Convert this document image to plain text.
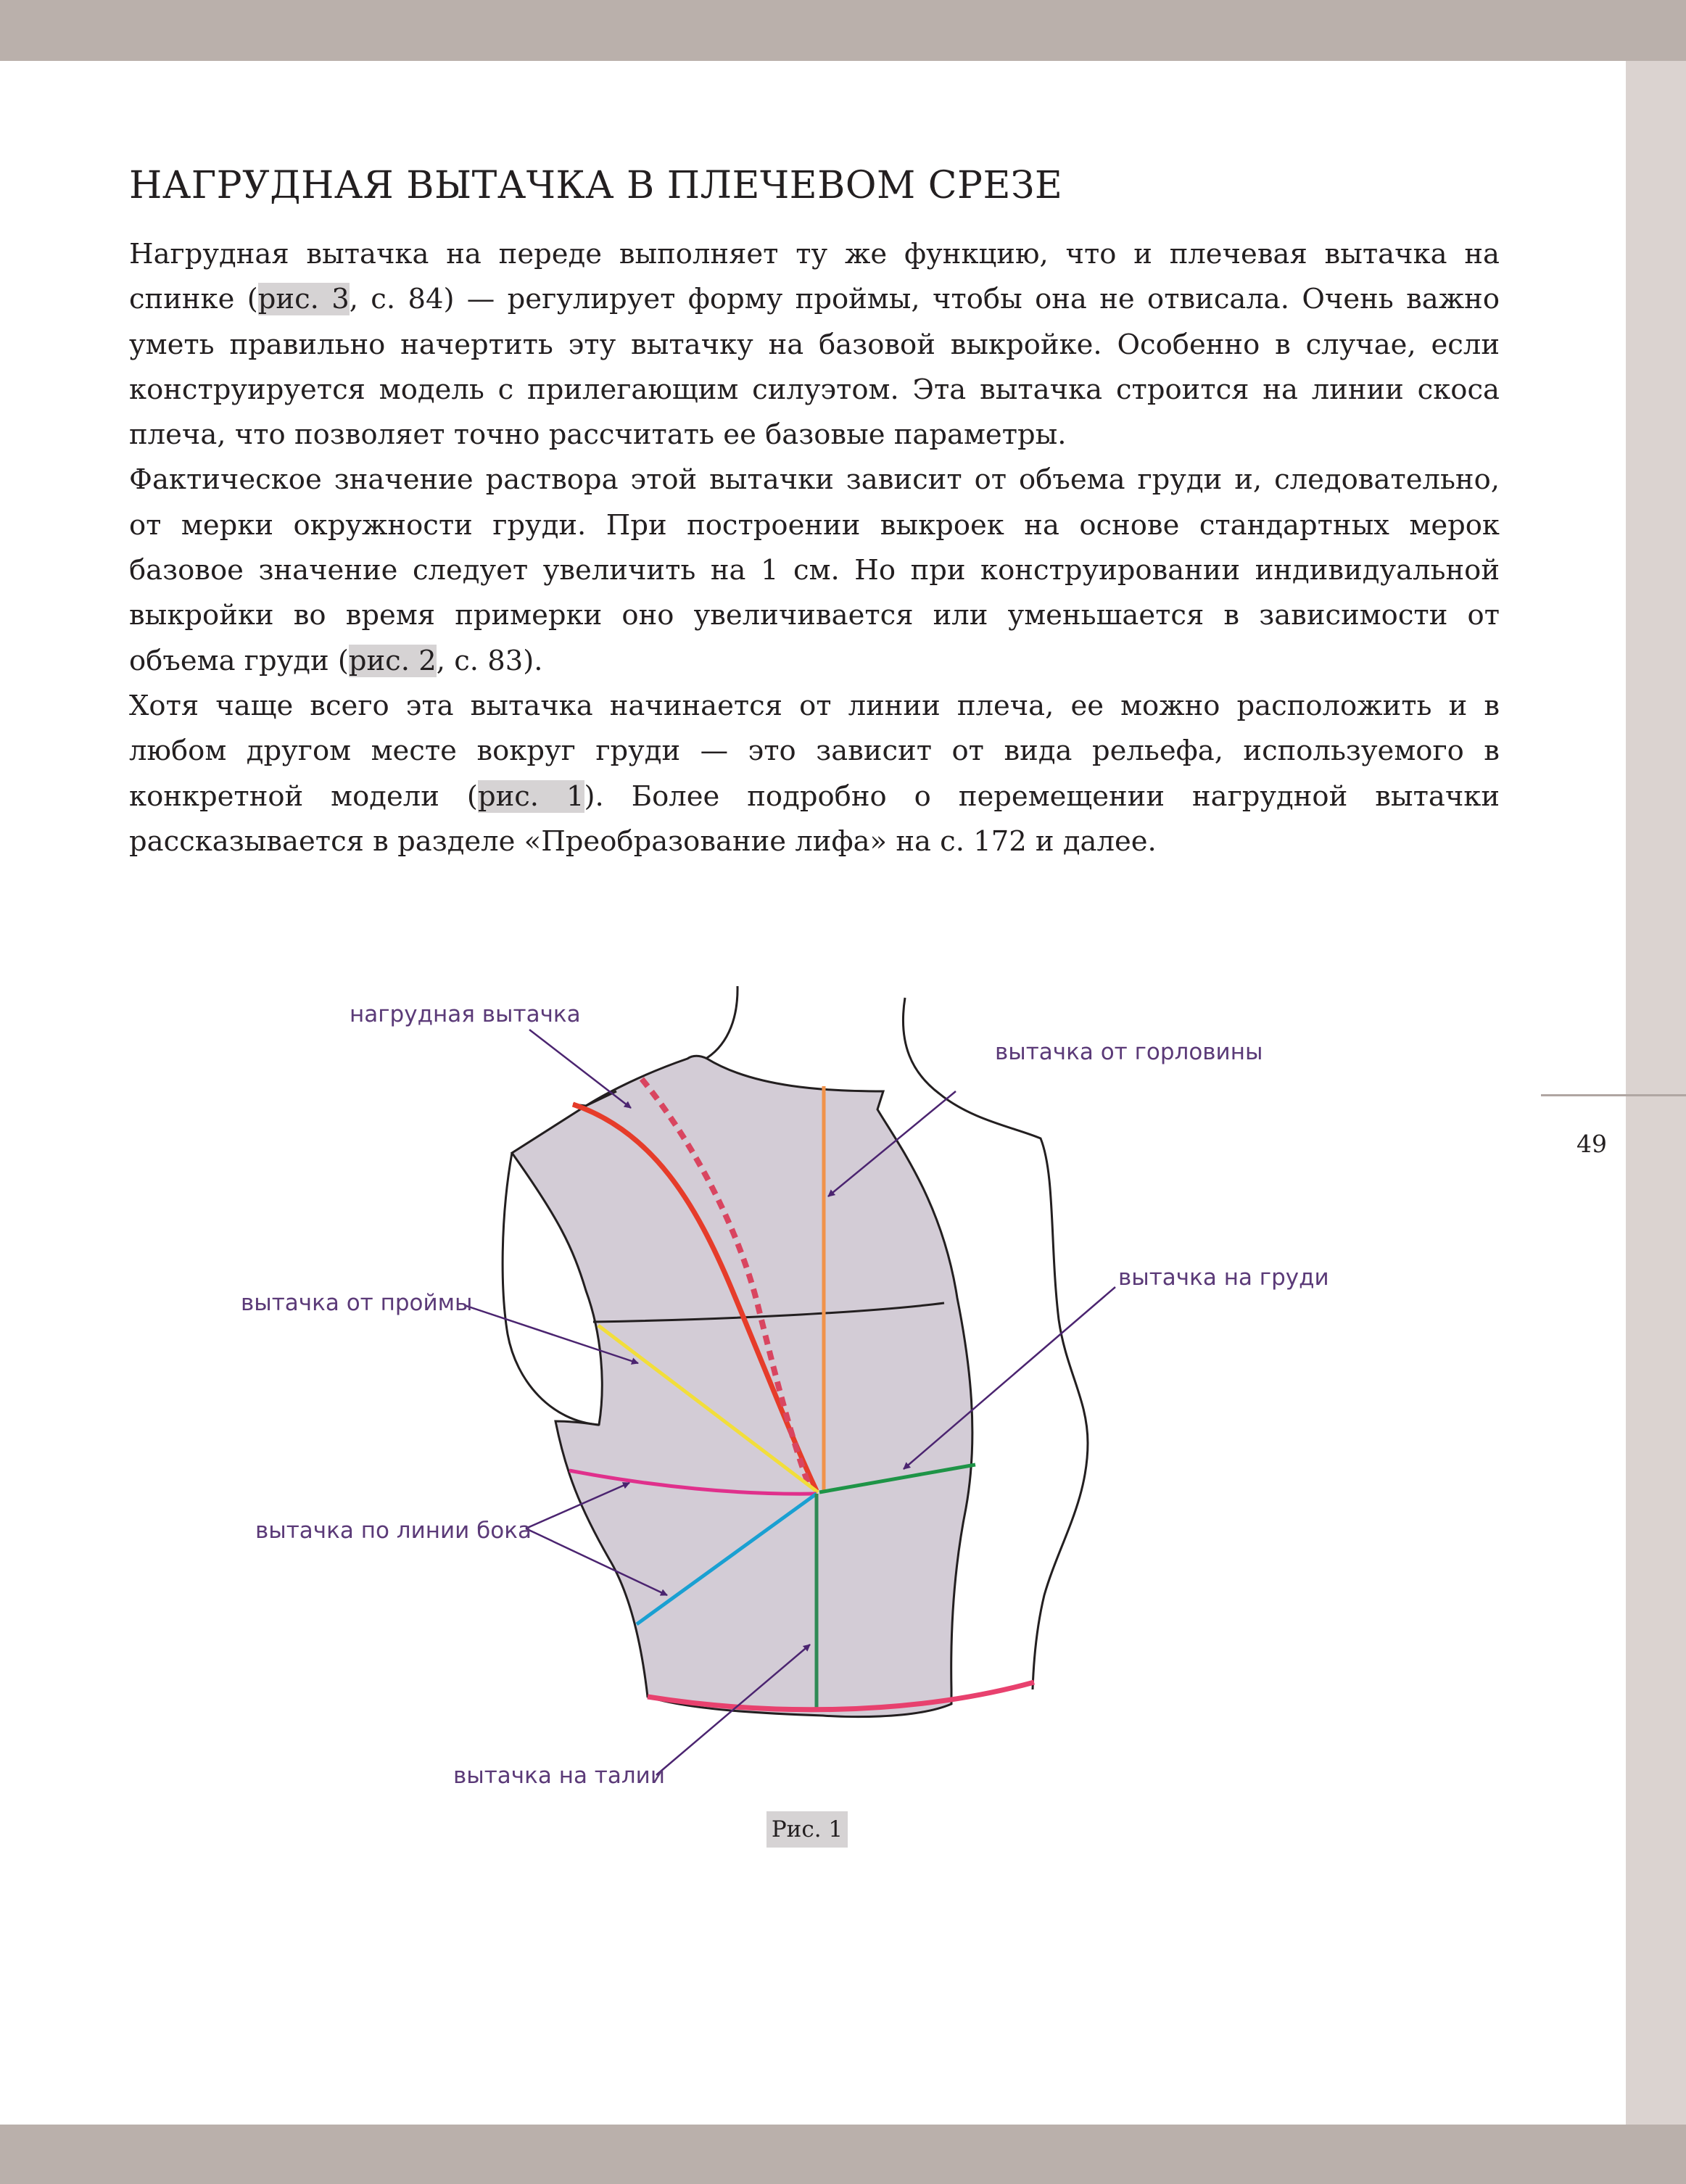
49
НАГРУДНАЯ ВЫТАЧКА В ПЛЕЧЕВОМ СРЕЗЕ

Нагрудная вытачка на переде выполняет ту же функцию, что и плечевая вытачка на спинке (рис. 3, с. 84) — регулирует форму проймы, чтобы она не отвисала. Очень важно уметь правильно начертить эту вытачку на базовой выкройке. Особенно в случае, если конструируется модель с прилегающим силуэтом. Эта вытачка строится на линии скоса плеча, что позволяет точно рассчитать ее базовые параметры.

Фактическое значение раствора этой вытачки зависит от объема груди и, следовательно, от мерки окружности груди. При построении выкроек на основе стандартных мерок базовое значение следует увеличить на 1 см. Но при конструировании индивидуальной выкройки во время примерки оно увеличивается или уменьшается в зависимости от объема груди (рис. 2, с. 83).

Хотя чаще всего эта вытачка начинается от линии плеча, ее можно расположить и в любом другом месте вокруг груди — это зависит от вида рельефа, используемого в конкретной модели (рис. 1). Более подробно о перемещении нагрудной вытачки рассказывается в разделе «Преобразование лифа» на с. 172 и далее.

нагрудная вытачка
вытачка от горловины
вытачка от проймы
вытачка на груди
вытачка по линии бока
вытачка на талии
Рис. 1
